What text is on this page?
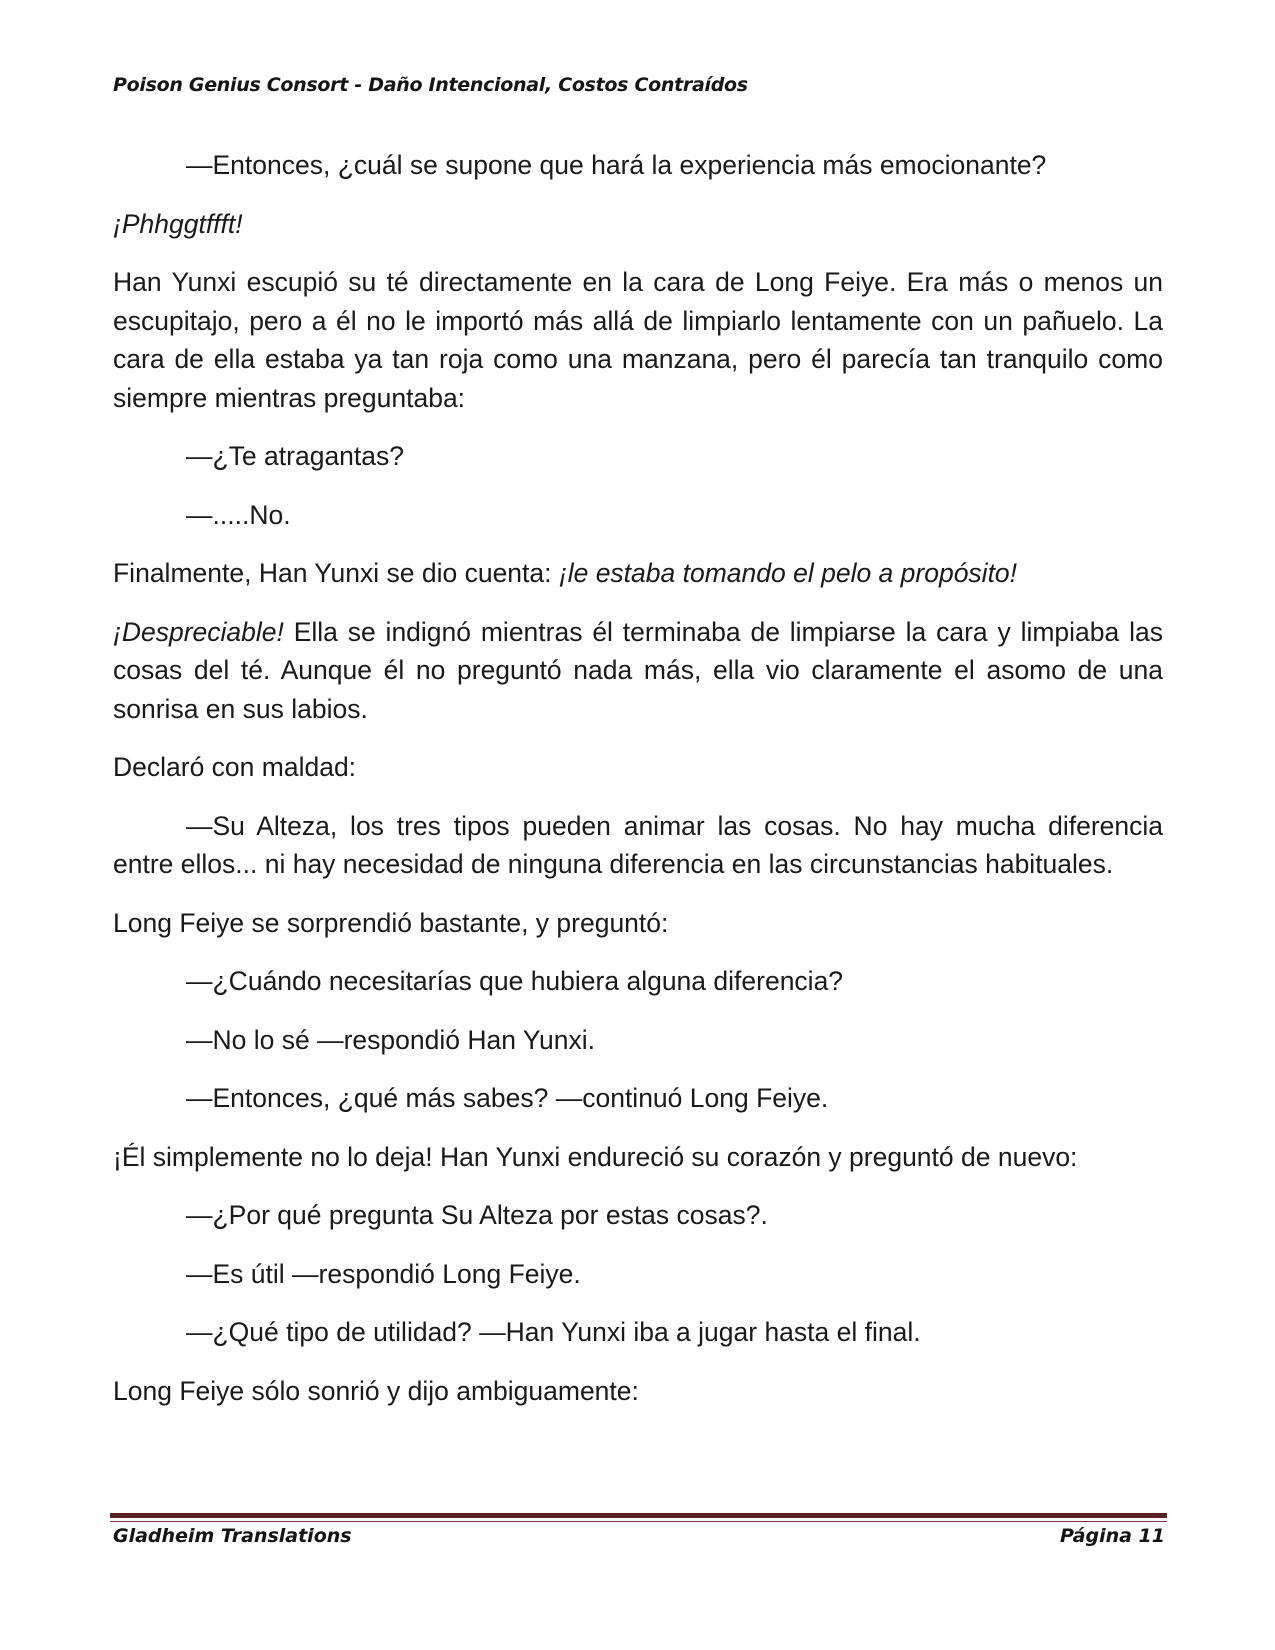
Poison Genius Consort - Daño Intencional, Costos Contraídos

—Entonces, ¿cuál se supone que hará la experiencia más emocionante?

¡Phhggtffft!

Han Yunxi escupió su té directamente en la cara de Long Feiye. Era más o menos un escupitajo, pero a él no le importó más allá de limpiarlo lentamente con un pañuelo. La cara de ella estaba ya tan roja como una manzana, pero él parecía tan tranquilo como siempre mientras preguntaba:

—¿Te atragantas?

—.....No.

Finalmente, Han Yunxi se dio cuenta: ¡le estaba tomando el pelo a propósito!

¡Despreciable! Ella se indignó mientras él terminaba de limpiarse la cara y limpiaba las cosas del té. Aunque él no preguntó nada más, ella vio claramente el asomo de una sonrisa en sus labios.

Declaró con maldad:

—Su Alteza, los tres tipos pueden animar las cosas. No hay mucha diferencia entre ellos... ni hay necesidad de ninguna diferencia en las circunstancias habituales.

Long Feiye se sorprendió bastante, y preguntó:

—¿Cuándo necesitarías que hubiera alguna diferencia?

—No lo sé —respondió Han Yunxi.

—Entonces, ¿qué más sabes? —continuó Long Feiye.

¡Él simplemente no lo deja! Han Yunxi endureció su corazón y preguntó de nuevo:

—¿Por qué pregunta Su Alteza por estas cosas?.

—Es útil —respondió Long Feiye.

—¿Qué tipo de utilidad? —Han Yunxi iba a jugar hasta el final.

Long Feiye sólo sonrió y dijo ambiguamente:

Gladheim Translations	Página 11
